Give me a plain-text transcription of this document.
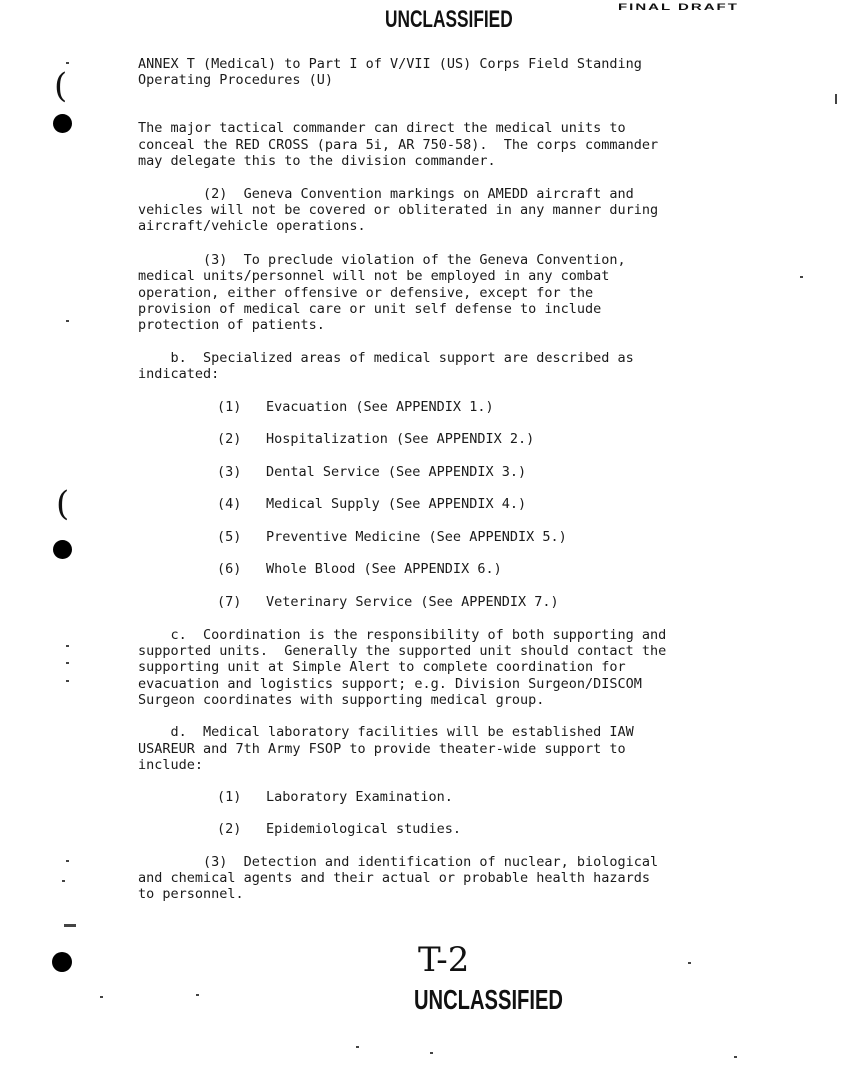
UNCLASSIFIED	FINAL DRAFT
(
(
ANNEX T (Medical) to Part I of V/VII (US) Corps Field Standing
Operating Procedures (U)
The major tactical commander can direct the medical units to
conceal the RED CROSS (para 5i, AR 750-58).  The corps commander
may delegate this to the division commander.
(2)  Geneva Convention markings on AMEDD aircraft and
vehicles will not be covered or obliterated in any manner during
aircraft/vehicle operations.
(3)  To preclude violation of the Geneva Convention,
medical units/personnel will not be employed in any combat
operation, either offensive or defensive, except for the
provision of medical care or unit self defense to include
protection of patients.
b.  Specialized areas of medical support are described as
indicated:
(1) Evacuation (See APPENDIX 1.)
(2) Hospitalization (See APPENDIX 2.)
(3) Dental Service (See APPENDIX 3.)
(4) Medical Supply (See APPENDIX 4.)
(5) Preventive Medicine (See APPENDIX 5.)
(6) Whole Blood (See APPENDIX 6.)
(7) Veterinary Service (See APPENDIX 7.)
c.  Coordination is the responsibility of both supporting and
supported units.  Generally the supported unit should contact the
supporting unit at Simple Alert to complete coordination for
evacuation and logistics support; e.g. Division Surgeon/DISCOM
Surgeon coordinates with supporting medical group.
d.  Medical laboratory facilities will be established IAW
USAREUR and 7th Army FSOP to provide theater-wide support to
include:
(1) Laboratory Examination.
(2) Epidemiological studies.
(3)  Detection and identification of nuclear, biological
and chemical agents and their actual or probable health hazards
to personnel.
T-2
UNCLASSIFIED
